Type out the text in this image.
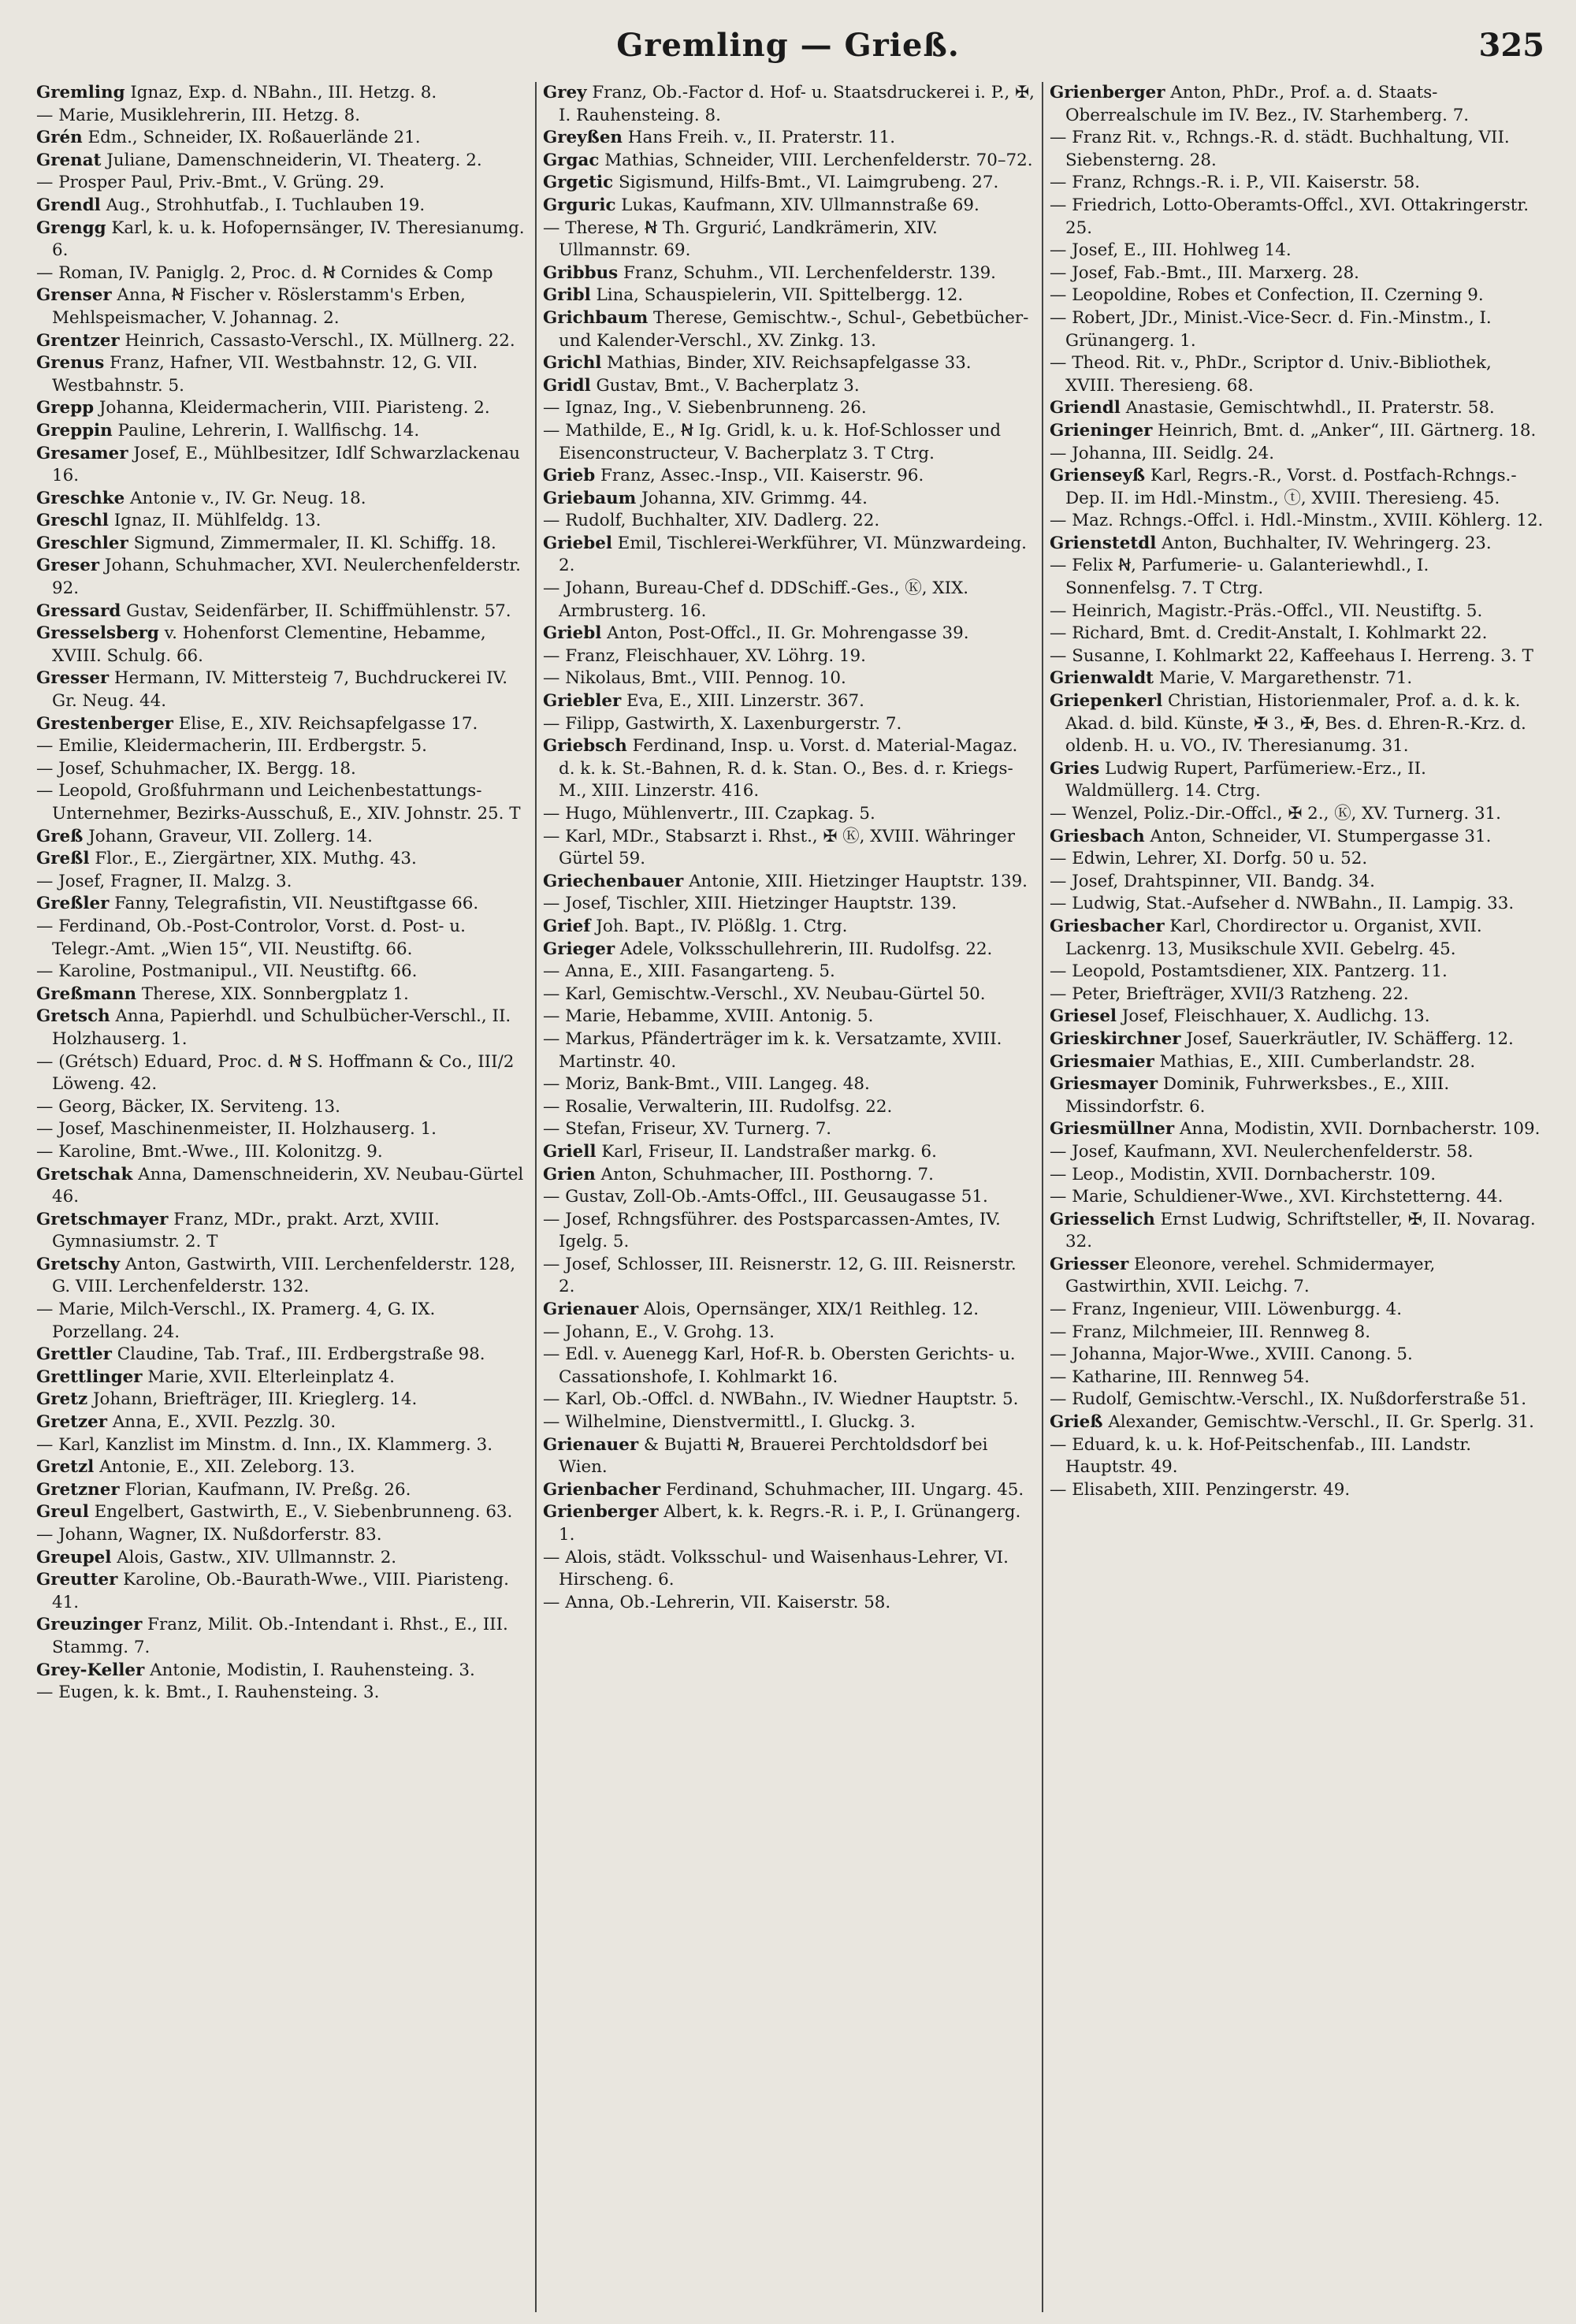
Gremling — Grieß.	325

Gremling Ignaz, Exp. d. NBahn., III. Hetzg. 8.

— Marie, Musiklehrerin, III. Hetzg. 8.

Grén Edm., Schneider, IX. Roßauerlände 21.

Grenat Juliane, Damenschneiderin, VI. Theaterg. 2.

— Prosper Paul, Priv.-Bmt., V. Grüng. 29.

Grendl Aug., Strohhutfab., I. Tuchlauben 19.

Grengg Karl, k. u. k. Hofopernsänger, IV. Theresianumg. 6.

— Roman, IV. Paniglg. 2, Proc. d. Ꞥ Cornides & Comp

Grenser Anna, Ꞥ Fischer v. Röslerstamm's Erben, Mehlspeismacher, V. Johannag. 2.

Grentzer Heinrich, Cassasto-Verschl., IX. Müllnerg. 22.

Grenus Franz, Hafner, VII. Westbahnstr. 12, G. VII. Westbahnstr. 5.

Grepp Johanna, Kleidermacherin, VIII. Piaristeng. 2.

Greppin Pauline, Lehrerin, I. Wallfischg. 14.

Gresamer Josef, E., Mühlbesitzer, Idlf Schwarzlackenau 16.

Greschke Antonie v., IV. Gr. Neug. 18.

Greschl Ignaz, II. Mühlfeldg. 13.

Greschler Sigmund, Zimmermaler, II. Kl. Schiffg. 18.

Greser Johann, Schuhmacher, XVI. Neulerchenfelderstr. 92.

Gressard Gustav, Seidenfärber, II. Schiffmühlenstr. 57.

Gresselsberg v. Hohenforst Clementine, Hebamme, XVIII. Schulg. 66.

Gresser Hermann, IV. Mittersteig 7, Buchdruckerei IV. Gr. Neug. 44.

Grestenberger Elise, E., XIV. Reichsapfelgasse 17.

— Emilie, Kleidermacherin, III. Erdbergstr. 5.

— Josef, Schuhmacher, IX. Bergg. 18.

— Leopold, Großfuhrmann und Leichenbestattungs-Unternehmer, Bezirks-Ausschuß, E., XIV. Johnstr. 25. T

Greß Johann, Graveur, VII. Zollerg. 14.

Greßl Flor., E., Ziergärtner, XIX. Muthg. 43.

— Josef, Fragner, II. Malzg. 3.

Greßler Fanny, Telegrafistin, VII. Neustiftgasse 66.

— Ferdinand, Ob.-Post-Controlor, Vorst. d. Post- u. Telegr.-Amt. „Wien 15“, VII. Neustiftg. 66.

— Karoline, Postmanipul., VII. Neustiftg. 66.

Greßmann Therese, XIX. Sonnbergplatz 1.

Gretsch Anna, Papierhdl. und Schulbücher-Verschl., II. Holzhauserg. 1.

— (Grétsch) Eduard, Proc. d. Ꞥ S. Hoffmann & Co., III/2 Löweng. 42.

— Georg, Bäcker, IX. Serviteng. 13.

— Josef, Maschinenmeister, II. Holzhauserg. 1.

— Karoline, Bmt.-Wwe., III. Kolonitzg. 9.

Gretschak Anna, Damenschneiderin, XV. Neubau-Gürtel 46.

Gretschmayer Franz, MDr., prakt. Arzt, XVIII. Gymnasiumstr. 2. T

Gretschy Anton, Gastwirth, VIII. Lerchenfelderstr. 128, G. VIII. Lerchenfelderstr. 132.

— Marie, Milch-Verschl., IX. Pramerg. 4, G. IX. Porzellang. 24.

Grettler Claudine, Tab. Traf., III. Erdbergstraße 98.

Grettlinger Marie, XVII. Elterleinplatz 4.

Gretz Johann, Briefträger, III. Krieglerg. 14.

Gretzer Anna, E., XVII. Pezzlg. 30.

— Karl, Kanzlist im Minstm. d. Inn., IX. Klammerg. 3.

Gretzl Antonie, E., XII. Zeleborg. 13.

Gretzner Florian, Kaufmann, IV. Preßg. 26.

Greul Engelbert, Gastwirth, E., V. Siebenbrunneng. 63.

— Johann, Wagner, IX. Nußdorferstr. 83.

Greupel Alois, Gastw., XIV. Ullmannstr. 2.

Greutter Karoline, Ob.-Baurath-Wwe., VIII. Piaristeng. 41.

Greuzinger Franz, Milit. Ob.-Intendant i. Rhst., E., III. Stammg. 7.

Grey-Keller Antonie, Modistin, I. Rauhensteing. 3.

— Eugen, k. k. Bmt., I. Rauhensteing. 3.

Grey Franz, Ob.-Factor d. Hof- u. Staatsdruckerei i. P., ✠, I. Rauhensteing. 8.

Greyßen Hans Freih. v., II. Praterstr. 11.

Grgac Mathias, Schneider, VIII. Lerchenfelderstr. 70–72.

Grgetic Sigismund, Hilfs-Bmt., VI. Laimgrubeng. 27.

Grguric Lukas, Kaufmann, XIV. Ullmannstraße 69.

— Therese, Ꞥ Th. Grgurić, Landkrämerin, XIV. Ullmannstr. 69.

Gribbus Franz, Schuhm., VII. Lerchenfelderstr. 139.

Gribl Lina, Schauspielerin, VII. Spittelbergg. 12.

Grichbaum Therese, Gemischtw.-, Schul-, Gebetbücher- und Kalender-Verschl., XV. Zinkg. 13.

Grichl Mathias, Binder, XIV. Reichsapfelgasse 33.

Gridl Gustav, Bmt., V. Bacherplatz 3.

— Ignaz, Ing., V. Siebenbrunneng. 26.

— Mathilde, E., Ꞥ Ig. Gridl, k. u. k. Hof-Schlosser und Eisenconstructeur, V. Bacherplatz 3. T Ctrg.

Grieb Franz, Assec.-Insp., VII. Kaiserstr. 96.

Griebaum Johanna, XIV. Grimmg. 44.

— Rudolf, Buchhalter, XIV. Dadlerg. 22.

Griebel Emil, Tischlerei-Werkführer, VI. Münzwardeing. 2.

— Johann, Bureau-Chef d. DDSchiff.-Ges., Ⓚ, XIX. Armbrusterg. 16.

Griebl Anton, Post-Offcl., II. Gr. Mohrengasse 39.

— Franz, Fleischhauer, XV. Löhrg. 19.

— Nikolaus, Bmt., VIII. Pennog. 10.

Griebler Eva, E., XIII. Linzerstr. 367.

— Filipp, Gastwirth, X. Laxenburgerstr. 7.

Griebsch Ferdinand, Insp. u. Vorst. d. Material-Magaz. d. k. k. St.-Bahnen, R. d. k. Stan. O., Bes. d. r. Kriegs-M., XIII. Linzerstr. 416.

— Hugo, Mühlenvertr., III. Czapkag. 5.

— Karl, MDr., Stabsarzt i. Rhst., ✠ Ⓚ, XVIII. Währinger Gürtel 59.

Griechenbauer Antonie, XIII. Hietzinger Hauptstr. 139.

— Josef, Tischler, XIII. Hietzinger Hauptstr. 139.

Grief Joh. Bapt., IV. Plößlg. 1. Ctrg.

Grieger Adele, Volksschullehrerin, III. Rudolfsg. 22.

— Anna, E., XIII. Fasangarteng. 5.

— Karl, Gemischtw.-Verschl., XV. Neubau-Gürtel 50.

— Marie, Hebamme, XVIII. Antonig. 5.

— Markus, Pfänderträger im k. k. Versatzamte, XVIII. Martinstr. 40.

— Moriz, Bank-Bmt., VIII. Langeg. 48.

— Rosalie, Verwalterin, III. Rudolfsg. 22.

— Stefan, Friseur, XV. Turnerg. 7.

Griell Karl, Friseur, II. Landstraßer markg. 6.

Grien Anton, Schuhmacher, III. Posthorng. 7.

— Gustav, Zoll-Ob.-Amts-Offcl., III. Geusaugasse 51.

— Josef, Rchngsführer. des Postsparcassen-Amtes, IV. Igelg. 5.

— Josef, Schlosser, III. Reisnerstr. 12, G. III. Reisnerstr. 2.

Grienauer Alois, Opernsänger, XIX/1 Reithleg. 12.

— Johann, E., V. Grohg. 13.

— Edl. v. Auenegg Karl, Hof-R. b. Obersten Gerichts- u. Cassationshofe, I. Kohlmarkt 16.

— Karl, Ob.-Offcl. d. NWBahn., IV. Wiedner Hauptstr. 5.

— Wilhelmine, Dienstvermittl., I. Gluckg. 3.

Grienauer & Bujatti Ꞥ, Brauerei Perchtoldsdorf bei Wien.

Grienbacher Ferdinand, Schuhmacher, III. Ungarg. 45.

Grienberger Albert, k. k. Regrs.-R. i. P., I. Grünangerg. 1.

— Alois, städt. Volksschul- und Waisenhaus-Lehrer, VI. Hirscheng. 6.

— Anna, Ob.-Lehrerin, VII. Kaiserstr. 58.

Grienberger Anton, PhDr., Prof. a. d. Staats-Oberrealschule im IV. Bez., IV. Starhemberg. 7.

— Franz Rit. v., Rchngs.-R. d. städt. Buchhaltung, VII. Siebensterng. 28.

— Franz, Rchngs.-R. i. P., VII. Kaiserstr. 58.

— Friedrich, Lotto-Oberamts-Offcl., XVI. Ottakringerstr. 25.

— Josef, E., III. Hohlweg 14.

— Josef, Fab.-Bmt., III. Marxerg. 28.

— Leopoldine, Robes et Confection, II. Czerning 9.

— Robert, JDr., Minist.-Vice-Secr. d. Fin.-Minstm., I. Grünangerg. 1.

— Theod. Rit. v., PhDr., Scriptor d. Univ.-Bibliothek, XVIII. Theresieng. 68.

Griendl Anastasie, Gemischtwhdl., II. Praterstr. 58.

Grieninger Heinrich, Bmt. d. „Anker“, III. Gärtnerg. 18.

— Johanna, III. Seidlg. 24.

Grienseyß Karl, Regrs.-R., Vorst. d. Postfach-Rchngs.-Dep. II. im Hdl.-Minstm., ⓣ, XVIII. Theresieng. 45.

— Maz. Rchngs.-Offcl. i. Hdl.-Minstm., XVIII. Köhlerg. 12.

Grienstetdl Anton, Buchhalter, IV. Wehringerg. 23.

— Felix Ꞥ, Parfumerie- u. Galanteriewhdl., I. Sonnenfelsg. 7. T Ctrg.

— Heinrich, Magistr.-Präs.-Offcl., VII. Neustiftg. 5.

— Richard, Bmt. d. Credit-Anstalt, I. Kohlmarkt 22.

— Susanne, I. Kohlmarkt 22, Kaffeehaus I. Herreng. 3. T

Grienwaldt Marie, V. Margarethenstr. 71.

Griepenkerl Christian, Historienmaler, Prof. a. d. k. k. Akad. d. bild. Künste, ✠ 3., ✠, Bes. d. Ehren-R.-Krz. d. oldenb. H. u. VO., IV. Theresianumg. 31.

Gries Ludwig Rupert, Parfümeriew.-Erz., II. Waldmüllerg. 14. Ctrg.

— Wenzel, Poliz.-Dir.-Offcl., ✠ 2., Ⓚ, XV. Turnerg. 31.

Griesbach Anton, Schneider, VI. Stumpergasse 31.

— Edwin, Lehrer, XI. Dorfg. 50 u. 52.

— Josef, Drahtspinner, VII. Bandg. 34.

— Ludwig, Stat.-Aufseher d. NWBahn., II. Lampig. 33.

Griesbacher Karl, Chordirector u. Organist, XVII. Lackenrg. 13, Musikschule XVII. Gebelrg. 45.

— Leopold, Postamtsdiener, XIX. Pantzerg. 11.

— Peter, Briefträger, XVII/3 Ratzheng. 22.

Griesel Josef, Fleischhauer, X. Audlichg. 13.

Grieskirchner Josef, Sauerkräutler, IV. Schäfferg. 12.

Griesmaier Mathias, E., XIII. Cumberlandstr. 28.

Griesmayer Dominik, Fuhrwerksbes., E., XIII. Missindorfstr. 6.

Griesmüllner Anna, Modistin, XVII. Dornbacherstr. 109.

— Josef, Kaufmann, XVI. Neulerchenfelderstr. 58.

— Leop., Modistin, XVII. Dornbacherstr. 109.

— Marie, Schuldiener-Wwe., XVI. Kirchstetterng. 44.

Griesselich Ernst Ludwig, Schriftsteller, ✠, II. Novarag. 32.

Griesser Eleonore, verehel. Schmidermayer, Gastwirthin, XVII. Leichg. 7.

— Franz, Ingenieur, VIII. Löwenburgg. 4.

— Franz, Milchmeier, III. Rennweg 8.

— Johanna, Major-Wwe., XVIII. Canong. 5.

— Katharine, III. Rennweg 54.

— Rudolf, Gemischtw.-Verschl., IX. Nußdorferstraße 51.

Grieß Alexander, Gemischtw.-Verschl., II. Gr. Sperlg. 31.

— Eduard, k. u. k. Hof-Peitschenfab., III. Landstr. Hauptstr. 49.

— Elisabeth, XIII. Penzingerstr. 49.
